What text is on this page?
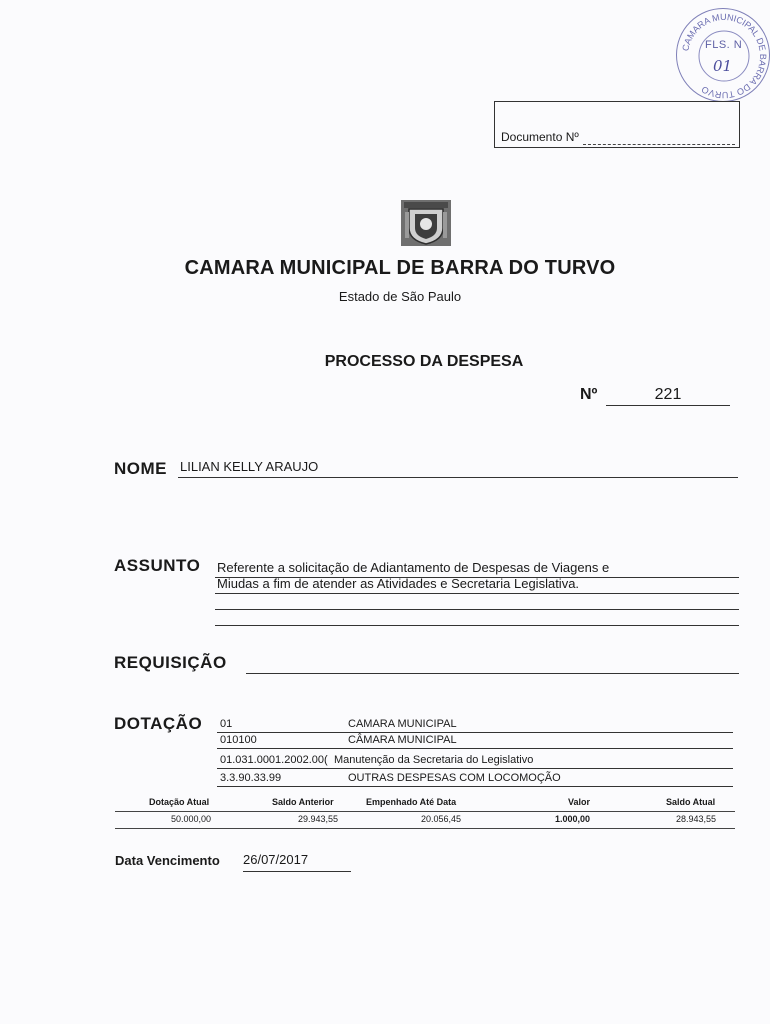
CAMARA MUNICIPAL DE BARRA DO TURVO
FLS. N
01
Documento Nº
CAMARA MUNICIPAL DE BARRA DO TURVO
Estado de São Paulo
PROCESSO DA DESPESA
Nº	221
NOME LILIAN KELLY ARAUJO
ASSUNTO Referente a solicitação de Adiantamento de Despesas de Viagens e
Miudas a fim de atender as Atividades e Secretaria Legislativa.
REQUISIÇÃO
DOTAÇÃO 01	CAMARA MUNICIPAL
010100	CÂMARA MUNICIPAL
01.031.0001.2002.00( Manutenção da Secretaria do Legislativo
3.3.90.33.99	OUTRAS DESPESAS COM LOCOMOÇÃO
Dotação Atual	Saldo Anterior	Empenhado Até Data	Valor	Saldo Atual
50.000,00	29.943,55	20.056,45	1.000,00	28.943,55
Data Vencimento 26/07/2017
